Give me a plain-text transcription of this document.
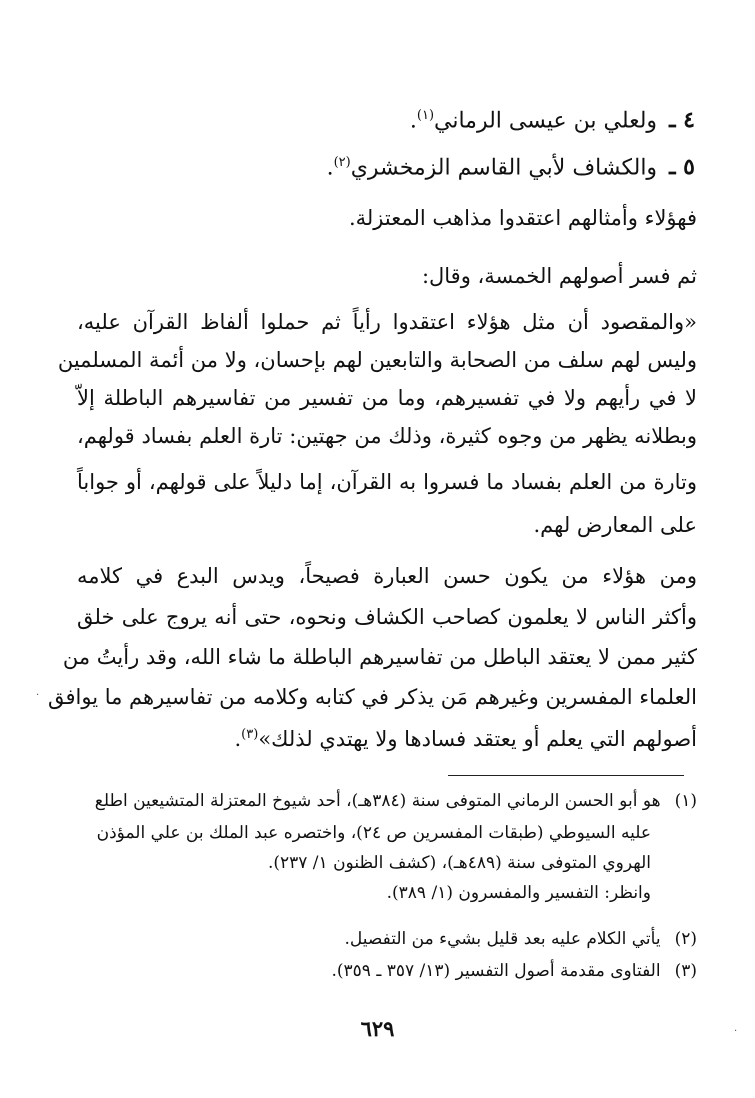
٤ ـولعلي بن عيسى الرماني$^{(١)}$.
٥ ـوالكشاف لأبي القاسم الزمخشري$^{(٢)}$.
فهؤلاء وأمثالهم اعتقدوا مذاهب المعتزلة.
ثم فسر أصولهم الخمسة، وقال:
«والمقصود أن مثل هؤلاء اعتقدوا رأياً ثم حملوا ألفاظ القرآن عليه،
وليس لهم سلف من الصحابة والتابعين لهم بإحسان، ولا من أئمة المسلمين
لا في رأيهم ولا في تفسيرهم، وما من تفسير من تفاسيرهم الباطلة إلاّ
وبطلانه يظهر من وجوه كثيرة، وذلك من جهتين: تارة العلم بفساد قولهم،
وتارة من العلم بفساد ما فسروا به القرآن، إما دليلاً على قولهم، أو جواباً
على المعارض لهم.
ومن هؤلاء من يكون حسن العبارة فصيحاً، ويدس البدع في كلامه
وأكثر الناس لا يعلمون كصاحب الكشاف ونحوه، حتى أنه يروج على خلق
كثير ممن لا يعتقد الباطل من تفاسيرهم الباطلة ما شاء الله، وقد رأيتُ من
العلماء المفسرين وغيرهم مَن يذكر في كتابه وكلامه من تفاسيرهم ما يوافق
أصولهم التي يعلم أو يعتقد فسادها ولا يهتدي لذلك»$^{(٣)}$.
(١)هو أبو الحسن الرماني المتوفى سنة (٣٨٤هـ)، أحد شيوخ المعتزلة المتشيعين اطلع
عليه السيوطي (طبقات المفسرين ص ٢٤)، واختصره عبد الملك بن علي المؤذن
الهروي المتوفى سنة (٤٨٩هـ)، (كشف الظنون ١/ ٢٣٧).
وانظر: التفسير والمفسرون (١/ ٣٨٩).
(٢)يأتي الكلام عليه بعد قليل بشيء من التفصيل.
(٣)الفتاوى مقدمة أصول التفسير (١٣/ ٣٥٧ ـ ٣٥٩).
٦٢٩
·
·
